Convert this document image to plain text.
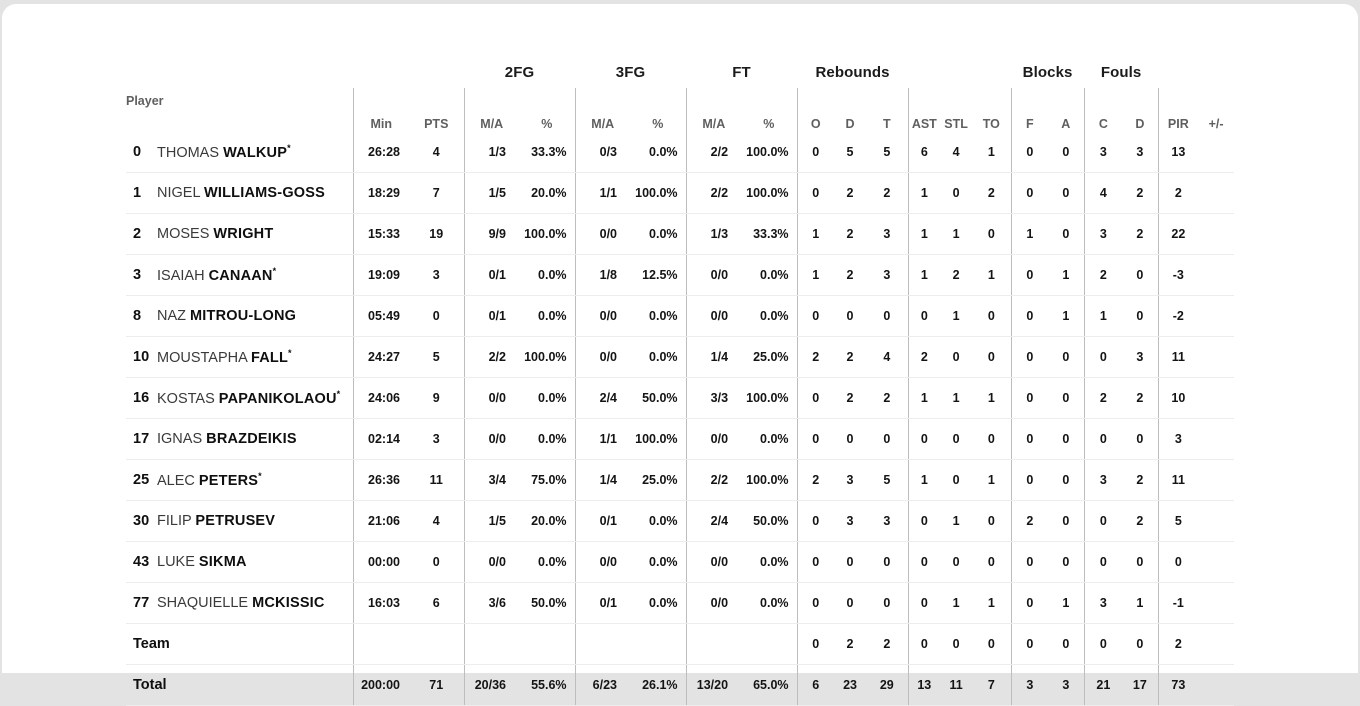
				2FG		3FG		FT		Rebounds						Blocks		Fouls			
Player		Min	PTS	M/A	%	M/A	%	M/A	%	O	D	T	AST	STL	TO	F	A	C	D	PIR	+/-
0	THOMAS WALKUP*	26:28	4	1/3	33.3%	0/3	0.0%	2/2	100.0%	0	5	5	6	4	1	0	0	3	3	13	
1	NIGEL WILLIAMS-GOSS	18:29	7	1/5	20.0%	1/1	100.0%	2/2	100.0%	0	2	2	1	0	2	0	0	4	2	2	
2	MOSES WRIGHT	15:33	19	9/9	100.0%	0/0	0.0%	1/3	33.3%	1	2	3	1	1	0	1	0	3	2	22	
3	ISAIAH CANAAN*	19:09	3	0/1	0.0%	1/8	12.5%	0/0	0.0%	1	2	3	1	2	1	0	1	2	0	-3	
8	NAZ MITROU-LONG	05:49	0	0/1	0.0%	0/0	0.0%	0/0	0.0%	0	0	0	0	1	0	0	1	1	0	-2	
10	MOUSTAPHA FALL*	24:27	5	2/2	100.0%	0/0	0.0%	1/4	25.0%	2	2	4	2	0	0	0	0	0	3	11	
16	KOSTAS PAPANIKOLAOU*	24:06	9	0/0	0.0%	2/4	50.0%	3/3	100.0%	0	2	2	1	1	1	0	0	2	2	10	
17	IGNAS BRAZDEIKIS	02:14	3	0/0	0.0%	1/1	100.0%	0/0	0.0%	0	0	0	0	0	0	0	0	0	0	3	
25	ALEC PETERS*	26:36	11	3/4	75.0%	1/4	25.0%	2/2	100.0%	2	3	5	1	0	1	0	0	3	2	11	
30	FILIP PETRUSEV	21:06	4	1/5	20.0%	0/1	0.0%	2/4	50.0%	0	3	3	0	1	0	2	0	0	2	5	
43	LUKE SIKMA	00:00	0	0/0	0.0%	0/0	0.0%	0/0	0.0%	0	0	0	0	0	0	0	0	0	0	0	
77	SHAQUIELLE MCKISSIC	16:03	6	3/6	50.0%	0/1	0.0%	0/0	0.0%	0	0	0	0	1	1	0	1	3	1	-1	
Team										0	2	2	0	0	0	0	0	0	0	2	
Total		200:00	71	20/36	55.6%	6/23	26.1%	13/20	65.0%	6	23	29	13	11	7	3	3	21	17	73	
